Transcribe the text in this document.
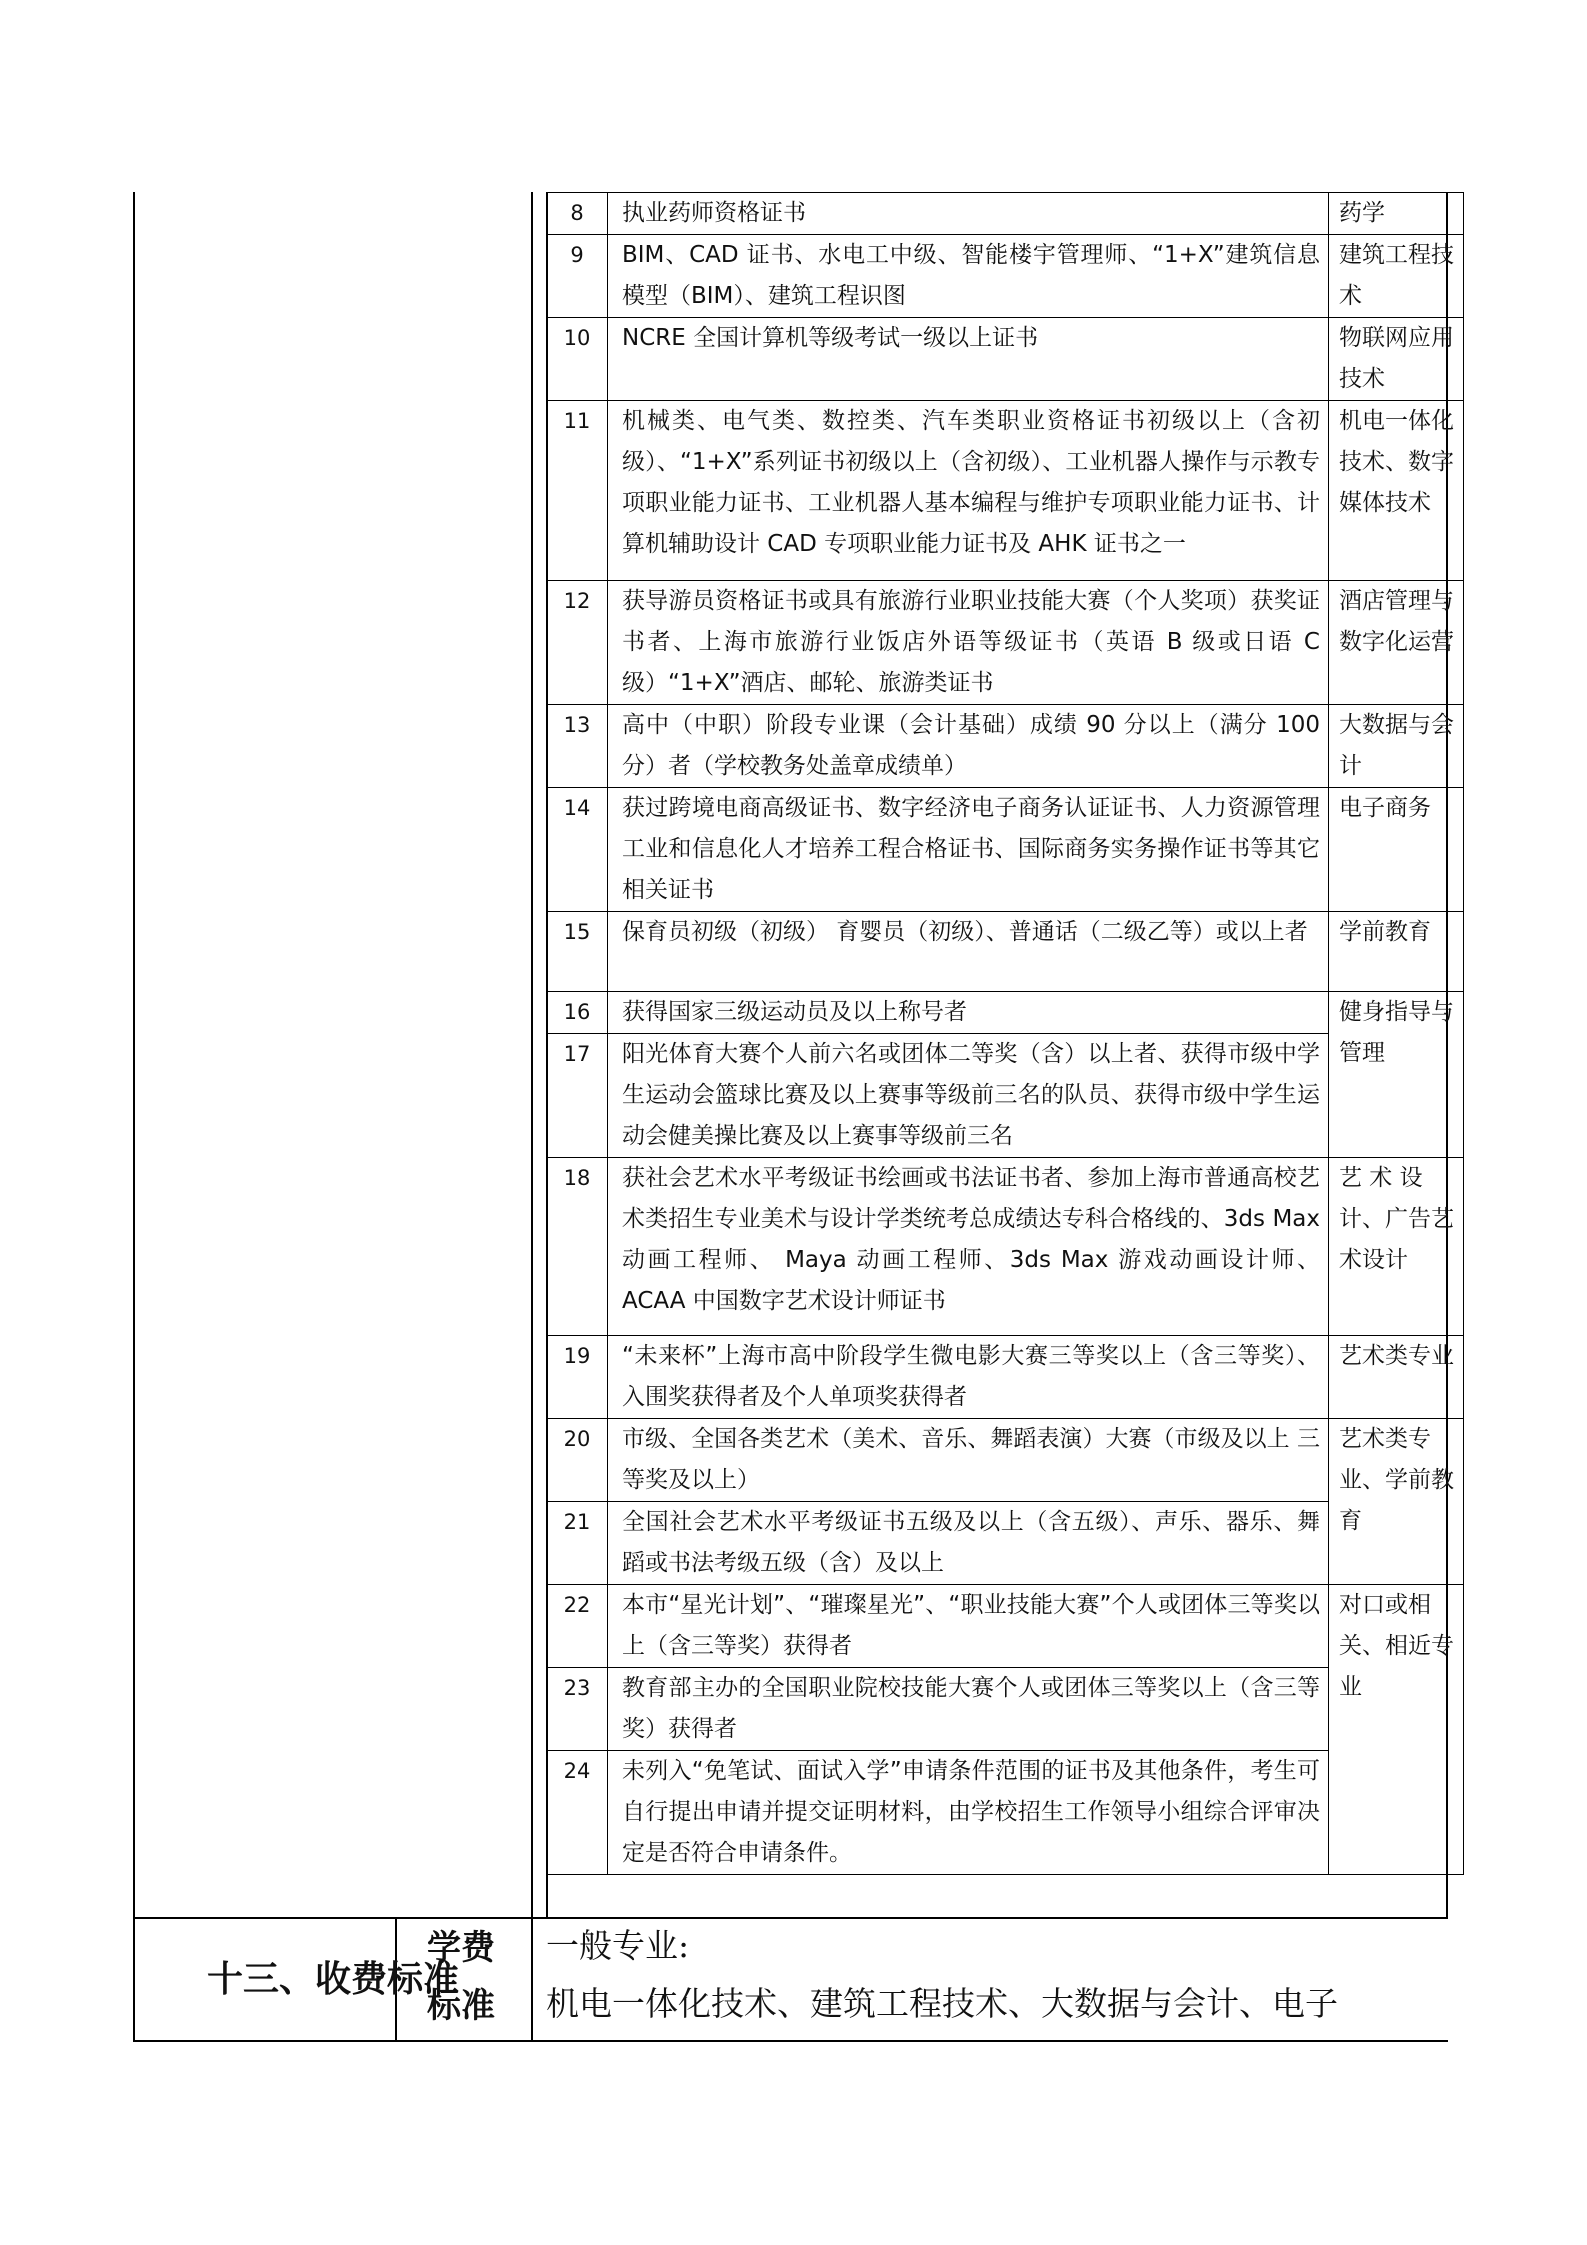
8	执业药师资格证书	药学
9	BIM、CAD 证书、水电工中级、智能楼宇管理师、“1+X”建筑信息模型（BIM）、建筑工程识图	建筑工程技术
10	NCRE 全国计算机等级考试一级以上证书	物联网应用技术
11	机械类、电气类、数控类、汽车类职业资格证书初级以上（含初级）、“1+X”系列证书初级以上（含初级）、工业机器人操作与示教专项职业能力证书、工业机器人基本编程与维护专项职业能力证书、计算机辅助设计 CAD 专项职业能力证书及 AHK 证书之一	机电一体化技术、数字媒体技术
12	获导游员资格证书或具有旅游行业职业技能大赛（个人奖项）获奖证书者、上海市旅游行业饭店外语等级证书（英语 B 级或日语 C 级）“1+X”酒店、邮轮、旅游类证书	酒店管理与数字化运营
13	高中（中职）阶段专业课（会计基础）成绩 90 分以上（满分 100 分）者（学校教务处盖章成绩单）	大数据与会计
14	获过跨境电商高级证书、数字经济电子商务认证证书、人力资源管理工业和信息化人才培养工程合格证书、国际商务实务操作证书等其它相关证书	电子商务
15	保育员初级（初级） 育婴员（初级）、普通话（二级乙等）或以上者	学前教育
16	获得国家三级运动员及以上称号者	健身指导与管理
17	阳光体育大赛个人前六名或团体二等奖（含）以上者、获得市级中学生运动会篮球比赛及以上赛事等级前三名的队员、获得市级中学生运动会健美操比赛及以上赛事等级前三名	
18	获社会艺术水平考级证书绘画或书法证书者、参加上海市普通高校艺术类招生专业美术与设计学类统考总成绩达专科合格线的、3ds Max 动画工程师、 Maya 动画工程师、3ds Max 游戏动画设计师、ACAA 中国数字艺术设计师证书	艺 术 设计、广告艺术设计
19	“未来杯”上海市高中阶段学生微电影大赛三等奖以上（含三等奖）、入围奖获得者及个人单项奖获得者	艺术类专业
20	市级、全国各类艺术（美术、音乐、舞蹈表演）大赛（市级及以上 三等奖及以上）	艺术类专业、学前教育
21	全国社会艺术水平考级证书五级及以上（含五级）、声乐、器乐、舞蹈或书法考级五级（含）及以上	
22	本市“星光计划”、“璀璨星光”、“职业技能大赛”个人或团体三等奖以上（含三等奖）获得者	对口或相关、相近专业
23	教育部主办的全国职业院校技能大赛个人或团体三等奖以上（含三等奖）获得者	
24	未列入“免笔试、面试入学”申请条件范围的证书及其他条件，考生可自行提出申请并提交证明材料，由学校招生工作领导小组综合评审决定是否符合申请条件。	
十三、收费标准
学费标准
一般专业:
机电一体化技术、建筑工程技术、大数据与会计、电子
